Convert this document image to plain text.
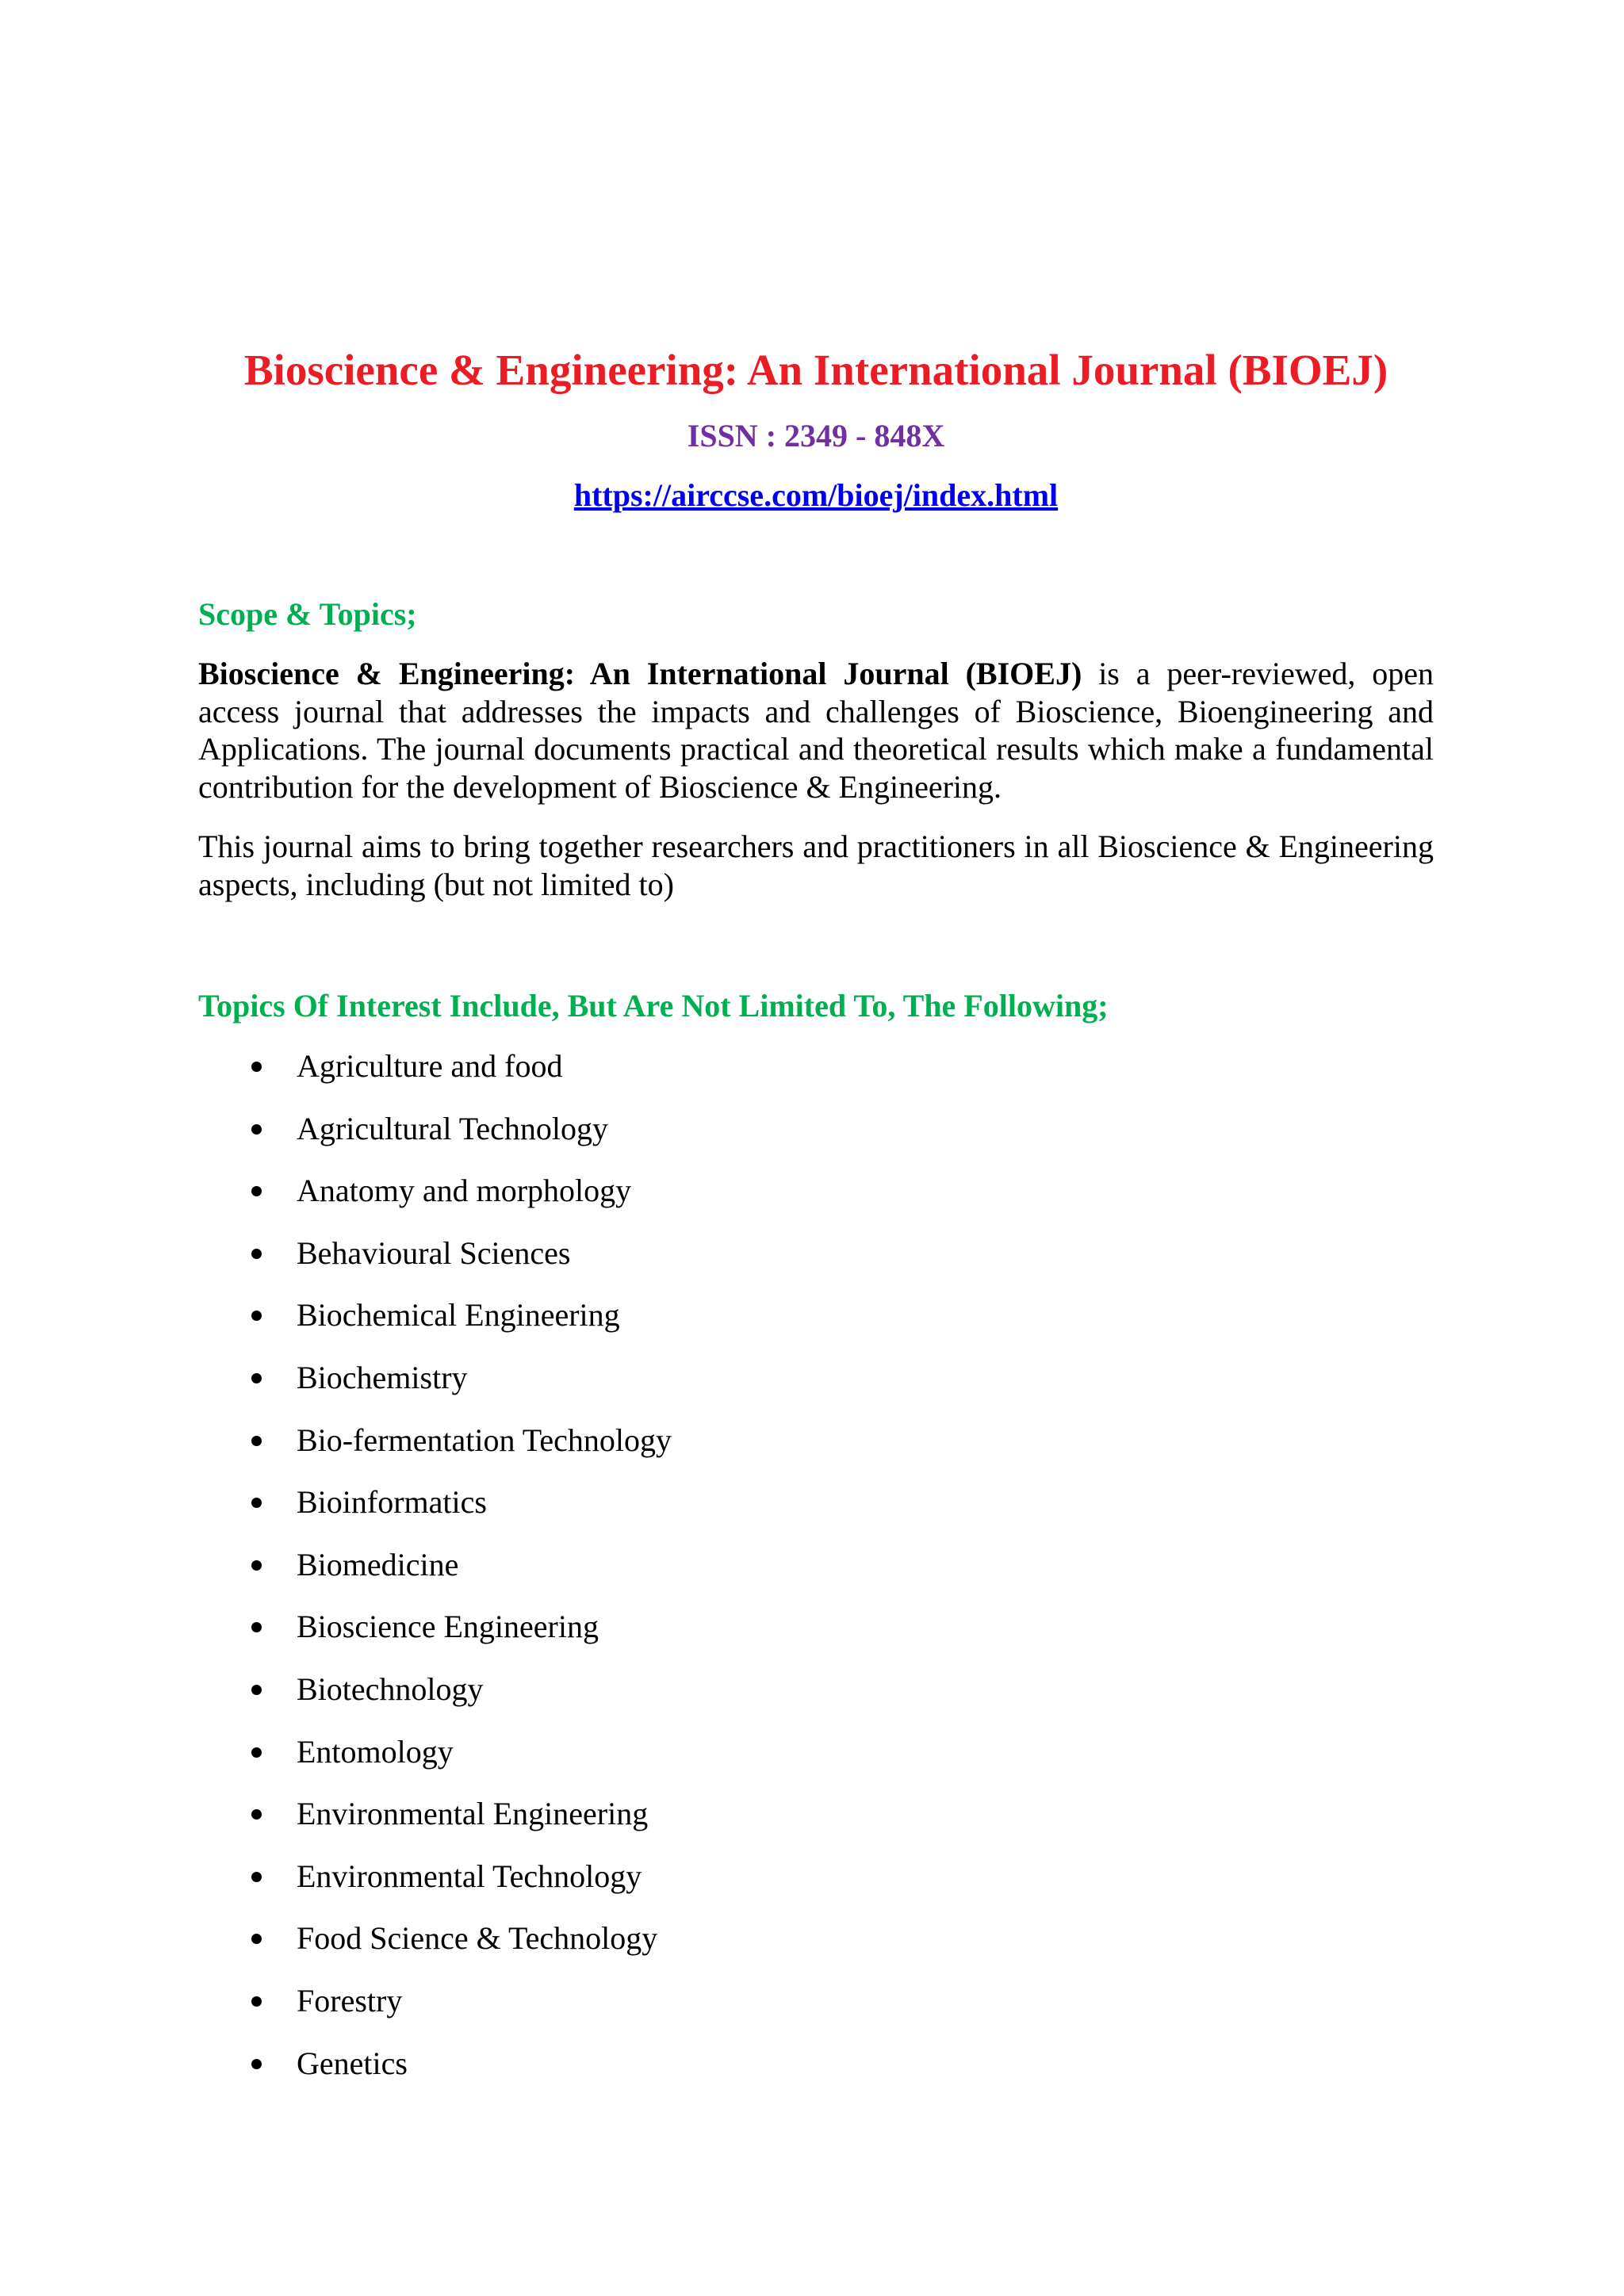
Bioscience & Engineering: An International Journal (BIOEJ)

ISSN : 2349 - 848X

https://airccse.com/bioej/index.html

Scope & Topics;

Bioscience & Engineering: An International Journal (BIOEJ) is a peer-reviewed, open access journal that addresses the impacts and challenges of Bioscience, Bioengineering and Applications. The journal documents practical and theoretical results which make a fundamental contribution for the development of Bioscience & Engineering.

This journal aims to bring together researchers and practitioners in all Bioscience & Engineering aspects, including (but not limited to)

Topics Of Interest Include, But Are Not Limited To, The Following;
Agriculture and food
Agricultural Technology
Anatomy and morphology
Behavioural Sciences
Biochemical Engineering
Biochemistry
Bio-fermentation Technology
Bioinformatics
Biomedicine
Bioscience Engineering
Biotechnology
Entomology
Environmental Engineering
Environmental Technology
Food Science & Technology
Forestry
Genetics
